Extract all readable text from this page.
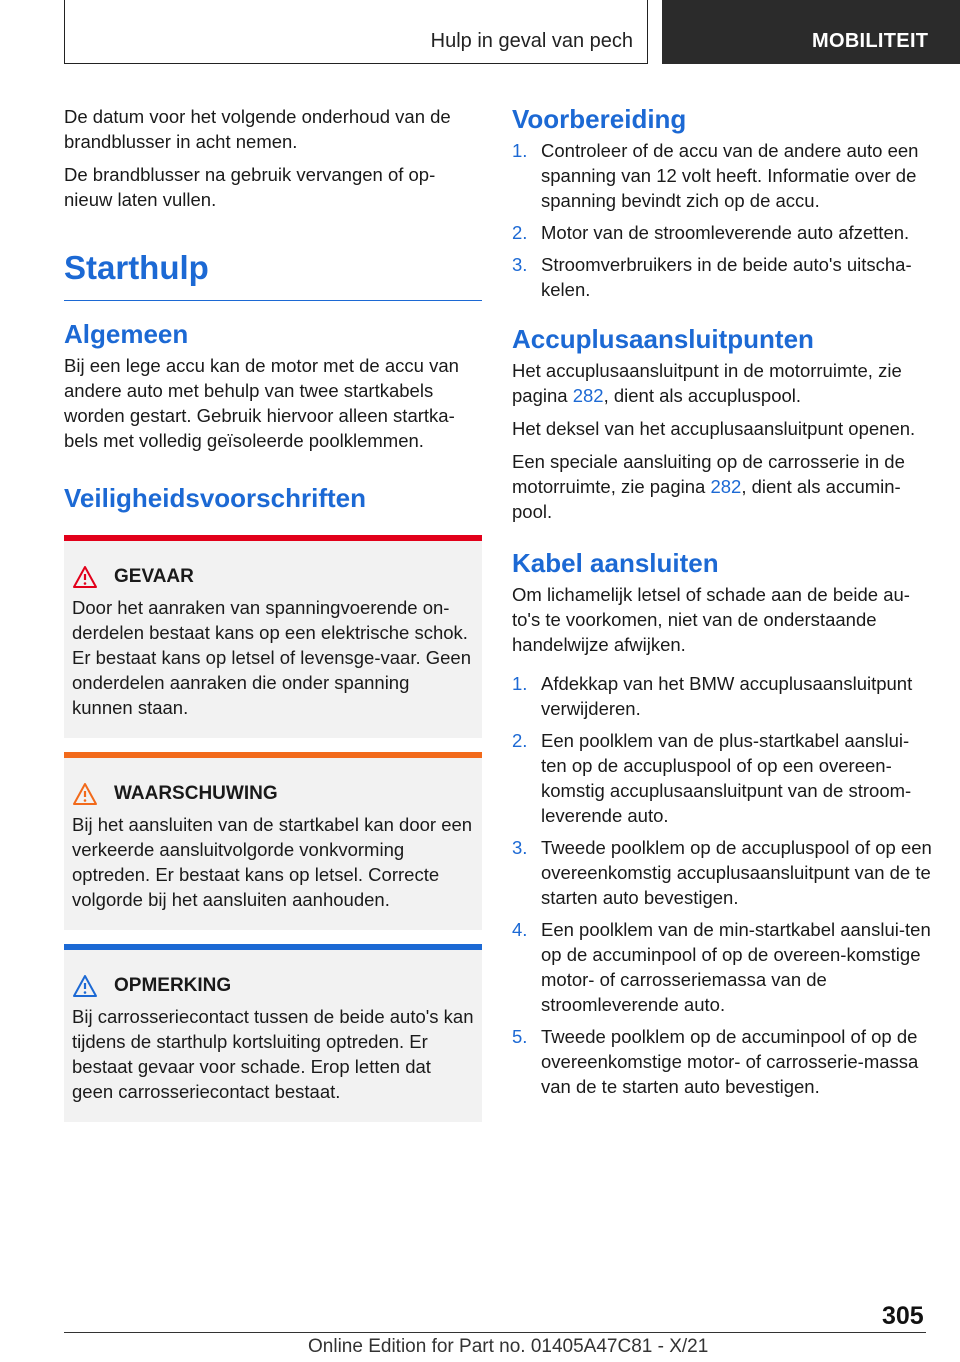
Hulp in geval van pech	MOBILITEIT

De datum voor het volgende onderhoud van de brandblusser in acht nemen.

De brandblusser na gebruik vervangen of op-nieuw laten vullen.

Starthulp
Algemeen

Bij een lege accu kan de motor met de accu van andere auto met behulp van twee startkabels worden gestart. Gebruik hiervoor alleen startka-bels met volledig geïsoleerde poolklemmen.

Veiligheidsvoorschriften
GEVAAR
Door het aanraken van spanningvoerende on-derdelen bestaat kans op een elektrische schok. Er bestaat kans op letsel of levensge-vaar. Geen onderdelen aanraken die onder spanning kunnen staan.
WAARSCHUWING
Bij het aansluiten van de startkabel kan door een verkeerde aansluitvolgorde vonkvorming optreden. Er bestaat kans op letsel. Correcte volgorde bij het aansluiten aanhouden.
OPMERKING
Bij carrosseriecontact tussen de beide auto's kan tijdens de starthulp kortsluiting optreden. Er bestaat gevaar voor schade. Erop letten dat geen carrosseriecontact bestaat.
Voorbereiding
1. Controleer of de accu van de andere auto een spanning van 12 volt heeft. Informatie over de spanning bevindt zich op de accu.
2. Motor van de stroomleverende auto afzetten.
3. Stroomverbruikers in de beide auto's uitscha-kelen.
Accuplusaansluitpunten

Het accuplusaansluitpunt in de motorruimte, zie pagina 282, dient als accupluspool.

Het deksel van het accuplusaansluitpunt openen.

Een speciale aansluiting op de carrosserie in de motorruimte, zie pagina 282, dient als accumin-pool.

Kabel aansluiten

Om lichamelijk letsel of schade aan de beide au-to's te voorkomen, niet van de onderstaande handelwijze afwijken.

1. Afdekkap van het BMW accuplusaansluitpunt verwijderen.
2. Een poolklem van de plus-startkabel aanslui-ten op de accupluspool of op een overeen-komstig accuplusaansluitpunt van de stroom-leverende auto.
3. Tweede poolklem op de accupluspool of op een overeenkomstig accuplusaansluitpunt van de te starten auto bevestigen.
4. Een poolklem van de min-startkabel aanslui-ten op de accuminpool of op de overeen-komstige motor- of carrosseriemassa van de stroomleverende auto.
5. Tweede poolklem op de accuminpool of op de overeenkomstige motor- of carrosserie-massa van de te starten auto bevestigen.
305
Online Edition for Part no. 01405A47C81 - X/21
